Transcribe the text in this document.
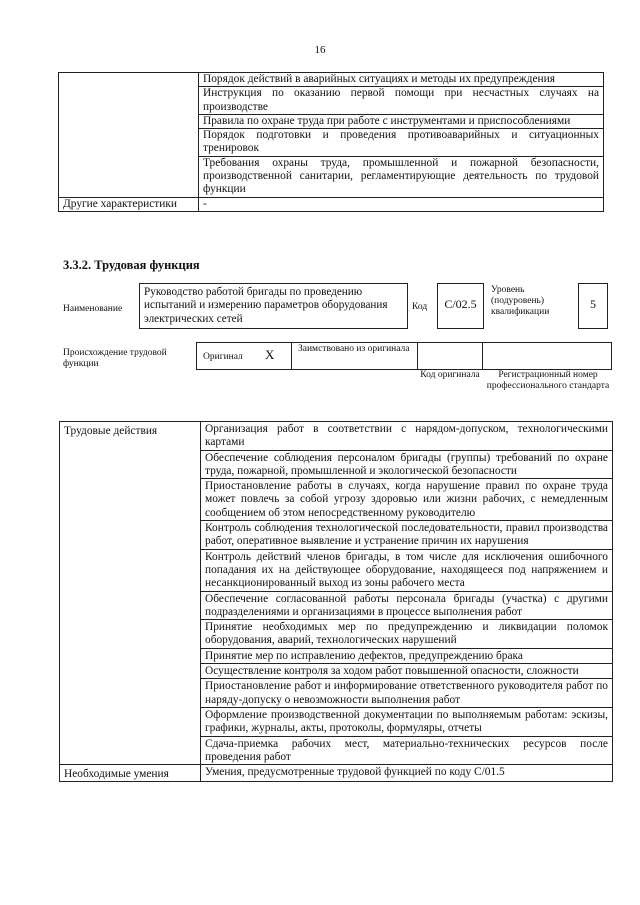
16
	Порядок действий в аварийных ситуациях и методы их предупреждения
	Инструкция по оказанию первой помощи при несчастных случаях на производстве
	Правила по охране труда при работе с инструментами и приспособлениями
	Порядок подготовки и проведения противоаварийных и ситуационных тренировок
	Требования охраны труда, промышленной и пожарной безопасности, производственной санитарии, регламентирующие деятельность по трудовой функции
Другие характеристики	-
3.3.2. Трудовая функция
Наименование
Руководство работой бригады по проведению испытаний и измерению параметров оборудования электрических сетей
Код	C/02.5
Уровень (подуровень) квалификации
5
Происхождение трудовой функции
Оригинал X	Заимствовано из оригинала
Код оригинала	Регистрационный номер профессионального стандарта
Трудовые действия	Организация работ в соответствии с нарядом-допуском, технологическими картами
	Обеспечение соблюдения персоналом бригады (группы) требований по охране труда, пожарной, промышленной и экологической безопасности
	Приостановление работы в случаях, когда нарушение правил по охране труда может повлечь за собой угрозу здоровью или жизни рабочих, с немедленным сообщением об этом непосредственному руководителю
	Контроль соблюдения технологической последовательности, правил производства работ, оперативное выявление и устранение причин их нарушения
	Контроль действий членов бригады, в том числе для исключения ошибочного попадания их на действующее оборудование, находящееся под напряжением и несанкционированный выход из зоны рабочего места
	Обеспечение согласованной работы персонала бригады (участка) с другими подразделениями и организациями в процессе выполнения работ
	Принятие необходимых мер по предупреждению и ликвидации поломок оборудования, аварий, технологических нарушений
	Принятие мер по исправлению дефектов, предупреждению брака
	Осуществление контроля за ходом работ повышенной опасности, сложности
	Приостановление работ и информирование ответственного руководителя работ по наряду-допуску о невозможности выполнения работ
	Оформление производственной документации по выполняемым работам: эскизы, графики, журналы, акты, протоколы, формуляры, отчеты
	Сдача-приемка рабочих мест, материально-технических ресурсов после проведения работ
Необходимые умения	Умения, предусмотренные трудовой функцией по коду C/01.5
